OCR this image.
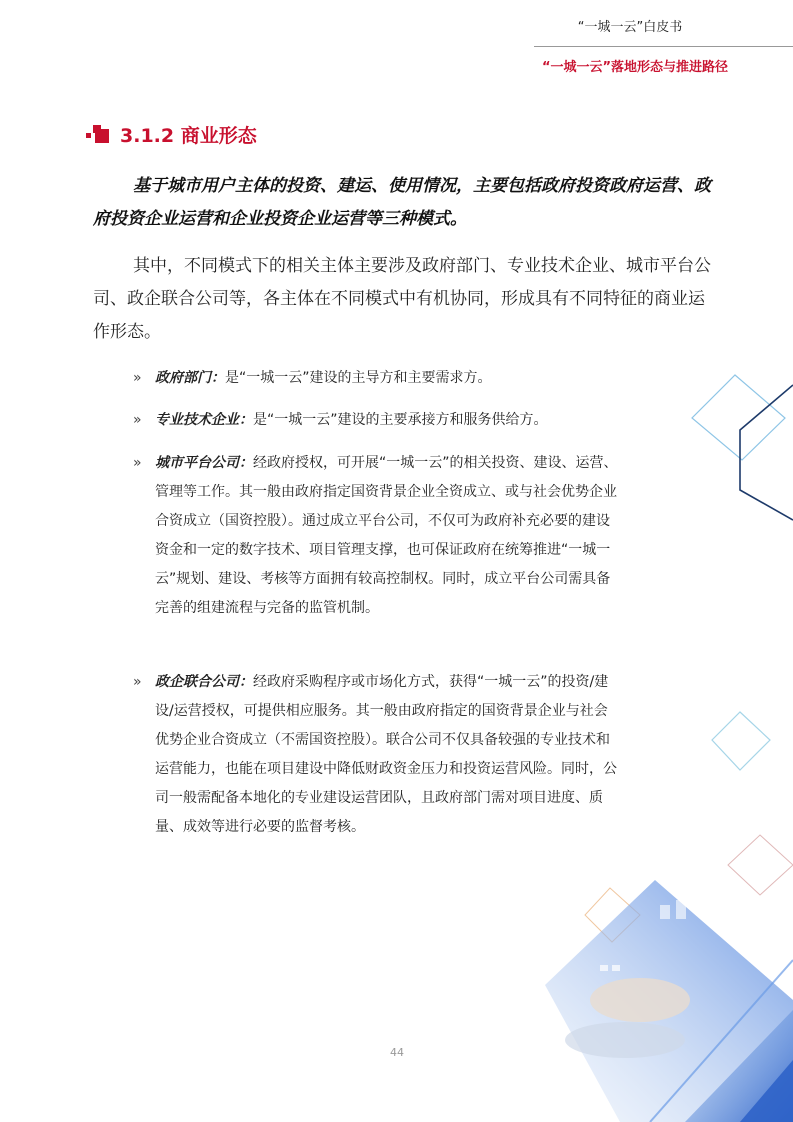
“一城一云”白皮书
“一城一云”落地形态与推进路径
3.1.2 商业形态
基于城市用户主体的投资、建运、使用情况，主要包括政府投资政府运营、政府投资企业运营和企业投资企业运营等三种模式。
其中，不同模式下的相关主体主要涉及政府部门、专业技术企业、城市平台公司、政企联合公司等，各主体在不同模式中有机协同，形成具有不同特征的商业运作形态。
» 政府部门：是“一城一云”建设的主导方和主要需求方。
» 专业技术企业：是“一城一云”建设的主要承接方和服务供给方。
» 城市平台公司：经政府授权，可开展“一城一云”的相关投资、建设、运营、管理等工作。其一般由政府指定国资背景企业全资成立、或与社会优势企业合资成立（国资控股）。通过成立平台公司，不仅可为政府补充必要的建设资金和一定的数字技术、项目管理支撑，也可保证政府在统筹推进“一城一云”规划、建设、考核等方面拥有较高控制权。同时，成立平台公司需具备完善的组建流程与完备的监管机制。
» 政企联合公司：经政府采购程序或市场化方式，获得“一城一云”的投资/建设/运营授权，可提供相应服务。其一般由政府指定的国资背景企业与社会优势企业合资成立（不需国资控股）。联合公司不仅具备较强的专业技术和运营能力，也能在项目建设中降低财政资金压力和投资运营风险。同时，公司一般需配备本地化的专业建设运营团队，且政府部门需对项目进度、质量、成效等进行必要的监督考核。
44
